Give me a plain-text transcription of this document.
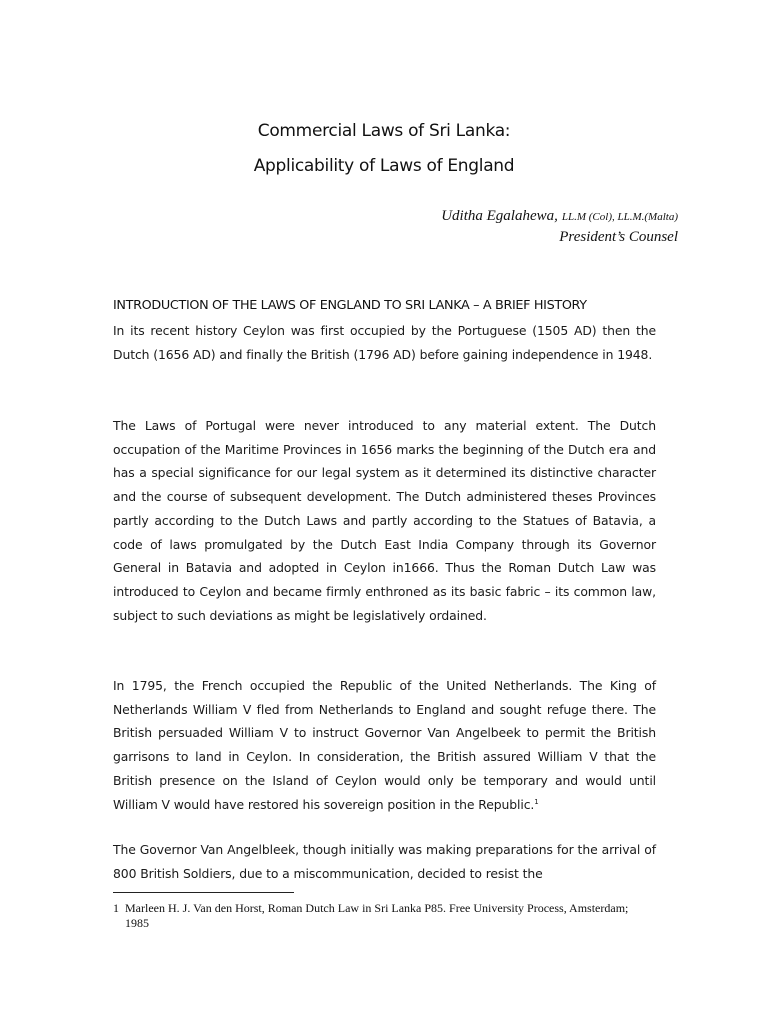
Commercial Laws of Sri Lanka:
Applicability of Laws of England
Uditha Egalahewa, LL.M (Col), LL.M.(Malta)
President’s Counsel
INTRODUCTION OF THE LAWS OF ENGLAND TO SRI LANKA – A BRIEF HISTORY
In its recent history Ceylon was first occupied by the Portuguese (1505 AD) then the Dutch (1656 AD) and finally the British (1796 AD) before gaining independence in 1948.
The Laws of Portugal were never introduced to any material extent. The Dutch occupation of the Maritime Provinces in 1656 marks the beginning of the Dutch era and has a special significance for our legal system as it determined its distinctive character and the course of subsequent development. The Dutch administered theses Provinces partly according to the Dutch Laws and partly according to the Statues of Batavia, a code of laws promulgated by the Dutch East India Company through its Governor General in Batavia and adopted in Ceylon in1666. Thus the Roman Dutch Law was introduced to Ceylon and became firmly enthroned as its basic fabric – its common law, subject to such deviations as might be legislatively ordained.
In 1795, the French occupied the Republic of the United Netherlands. The King of Netherlands William V fled from Netherlands to England and sought refuge there. The British persuaded William V to instruct Governor Van Angelbeek to permit the British garrisons to land in Ceylon. In consideration, the British assured William V that the British presence on the Island of Ceylon would only be temporary and would until William V would have restored his sovereign position in the Republic.$^1$
The Governor Van Angelbleek, though initially was making preparations for the arrival of 800 British Soldiers, due to a miscommunication, decided to resist the
1 Marleen H. J. Van den Horst, Roman Dutch Law in Sri Lanka P85. Free University Process, Amsterdam;
1985
